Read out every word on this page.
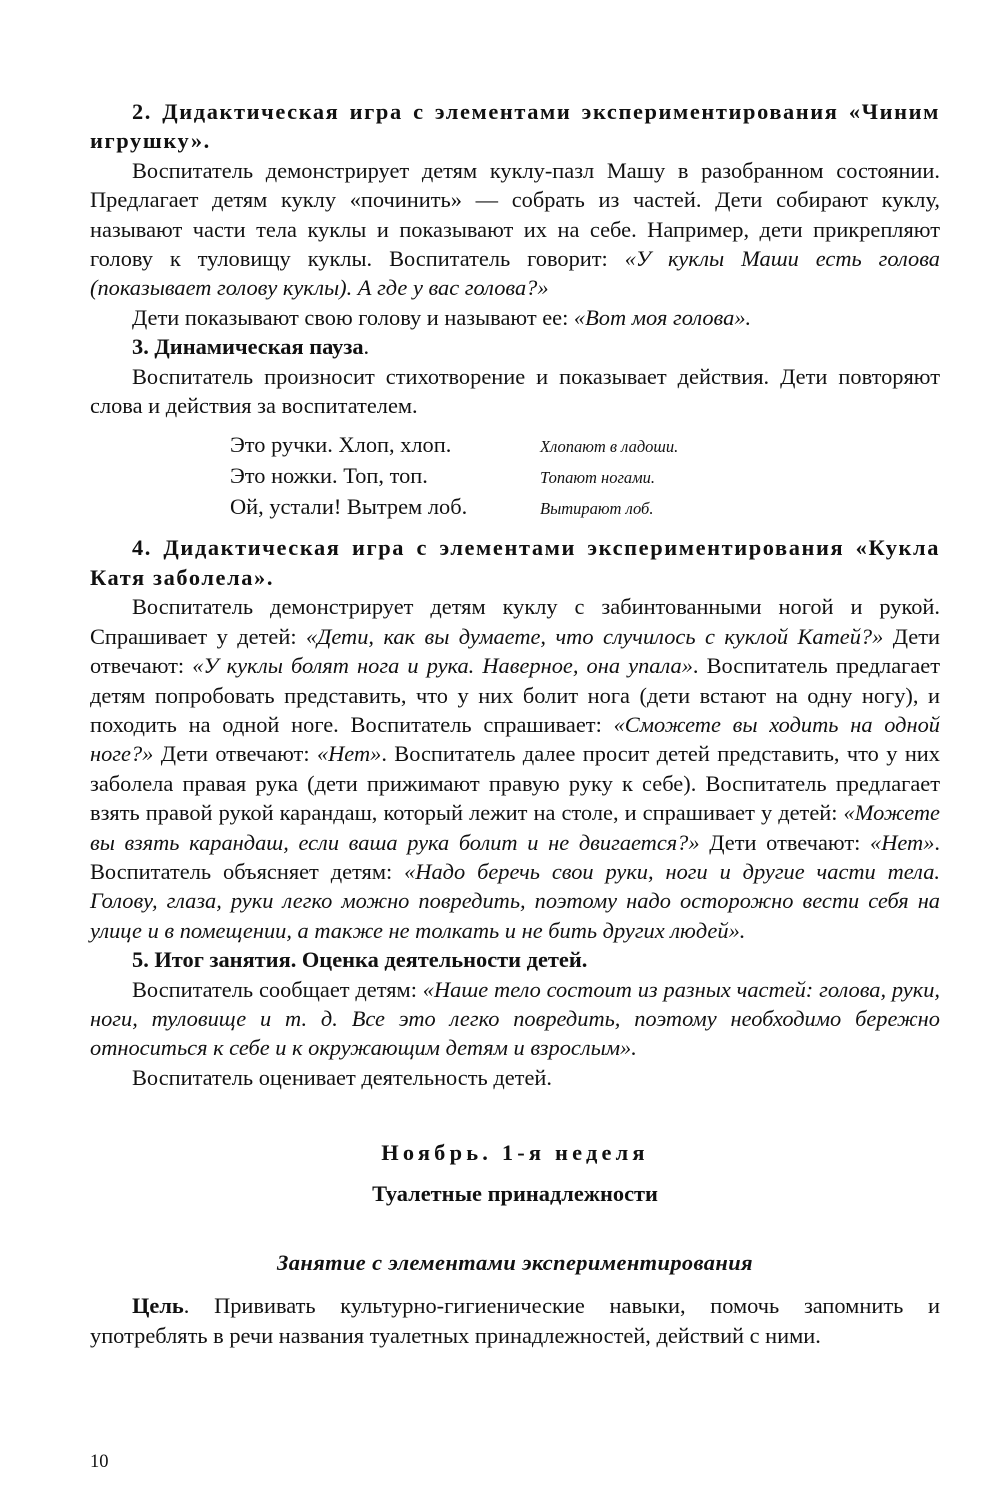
2. Дидактическая игра с элементами экспериментирования «Чиним игрушку».

Воспитатель демонстрирует детям куклу-пазл Машу в разобранном состоянии. Предлагает детям куклу «починить» — собрать из частей. Дети собирают куклу, называют части тела куклы и показывают их на себе. Например, дети прикрепляют голову к туловищу куклы. Воспитатель говорит: «У куклы Маши есть голова (показывает голову куклы). А где у вас голова?»

Дети показывают свою голову и называют ее: «Вот моя голова».

3. Динамическая пауза.

Воспитатель произносит стихотворение и показывает действия. Дети повторяют слова и действия за воспитателем.

Это ручки. Хлоп, хлоп.	Хлопают в ладоши.
Это ножки. Топ, топ.	Топают ногами.
Ой, устали! Вытрем лоб.	Вытирают лоб.

4. Дидактическая игра с элементами экспериментирования «Кукла Катя заболела».

Воспитатель демонстрирует детям куклу с забинтованными ногой и рукой. Спрашивает у детей: «Дети, как вы думаете, что случилось с куклой Катей?» Дети отвечают: «У куклы болят нога и рука. Наверное, она упала». Воспитатель предлагает детям попробовать представить, что у них болит нога (дети встают на одну ногу), и походить на одной ноге. Воспитатель спрашивает: «Сможете вы ходить на одной ноге?» Дети отвечают: «Нет». Воспитатель далее просит детей представить, что у них заболела правая рука (дети прижимают правую руку к себе). Воспитатель предлагает взять правой рукой карандаш, который лежит на столе, и спрашивает у детей: «Можете вы взять карандаш, если ваша рука болит и не двигается?» Дети отвечают: «Нет». Воспитатель объясняет детям: «Надо беречь свои руки, ноги и другие части тела. Голову, глаза, руки легко можно повредить, поэтому надо осторожно вести себя на улице и в помещении, а также не толкать и не бить других людей».

5. Итог занятия. Оценка деятельности детей.

Воспитатель сообщает детям: «Наше тело состоит из разных частей: голова, руки, ноги, туловище и т. д. Все это легко повредить, поэтому необходимо бережно относиться к себе и к окружающим детям и взрослым».

Воспитатель оценивает деятельность детей.

Ноябрь. 1-я неделя

Туалетные принадлежности

Занятие с элементами экспериментирования

Цель. Прививать культурно-гигиенические навыки, помочь запомнить и употреблять в речи названия туалетных принадлежностей, действий с ними.

10
